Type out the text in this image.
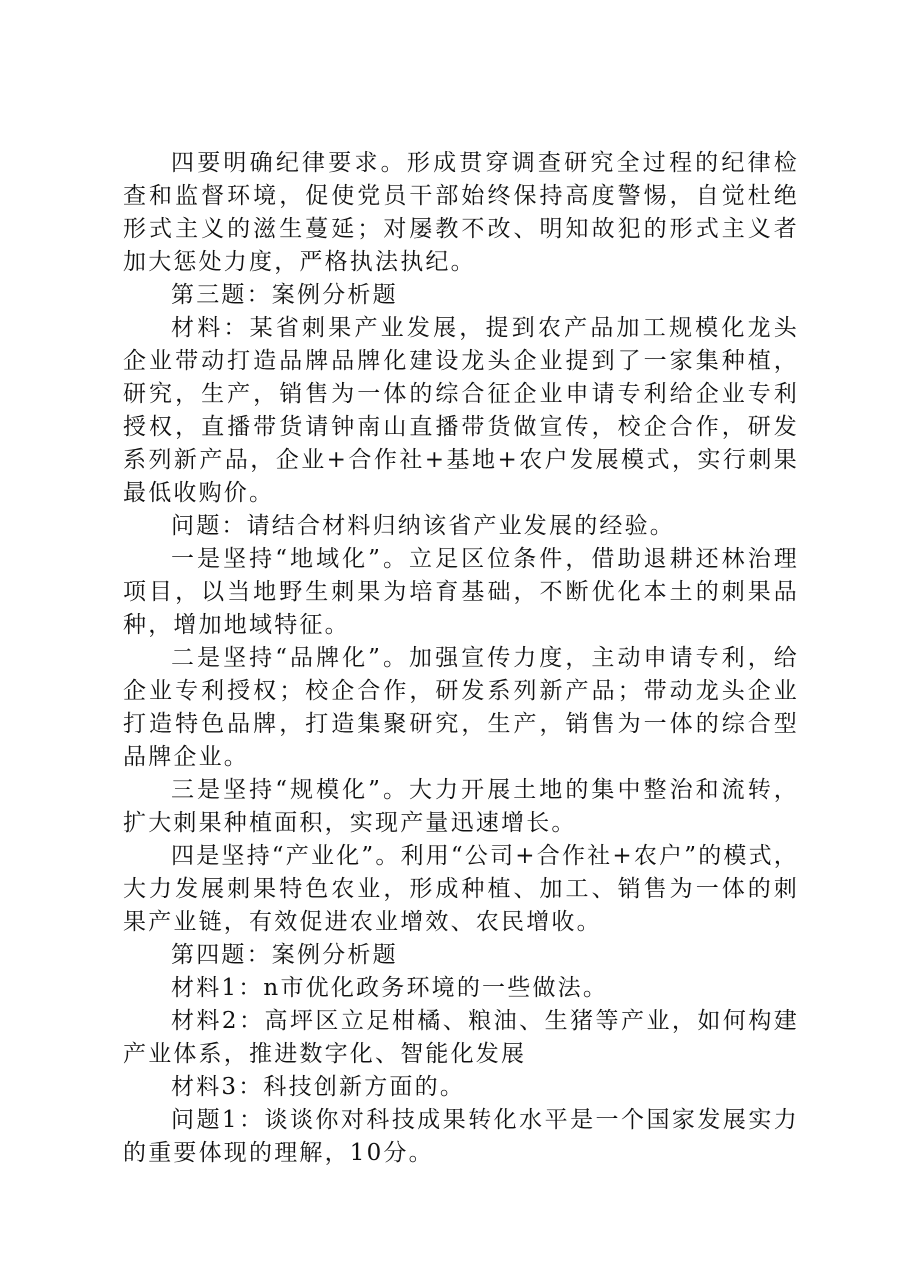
四要明确纪律要求。形成贯穿调查研究全过程的纪律检查和监督环境，促使党员干部始终保持高度警惕，自觉杜绝形式主义的滋生蔓延；对屡教不改、明知故犯的形式主义者加大惩处力度，严格执法执纪。

第三题：案例分析题

材料：某省刺果产业发展，提到农产品加工规模化龙头企业带动打造品牌品牌化建设龙头企业提到了一家集种植，研究，生产，销售为一体的综合征企业申请专利给企业专利授权，直播带货请钟南山直播带货做宣传，校企合作，研发系列新产品，企业+合作社+基地+农户发展模式，实行刺果最低收购价。

问题：请结合材料归纳该省产业发展的经验。

一是坚持“地域化”。立足区位条件，借助退耕还林治理项目，以当地野生刺果为培育基础，不断优化本土的刺果品种，增加地域特征。

二是坚持“品牌化”。加强宣传力度，主动申请专利，给企业专利授权；校企合作，研发系列新产品；带动龙头企业打造特色品牌，打造集聚研究，生产，销售为一体的综合型品牌企业。

三是坚持“规模化”。大力开展土地的集中整治和流转，扩大刺果种植面积，实现产量迅速增长。

四是坚持“产业化”。利用“公司+合作社+农户”的模式，大力发展刺果特色农业，形成种植、加工、销售为一体的刺果产业链，有效促进农业增效、农民增收。

第四题：案例分析题

材料1：n市优化政务环境的一些做法。

材料2：高坪区立足柑橘、粮油、生猪等产业，如何构建产业体系，推进数字化、智能化发展

材料3：科技创新方面的。

问题1：谈谈你对科技成果转化水平是一个国家发展实力的重要体现的理解，10分。
